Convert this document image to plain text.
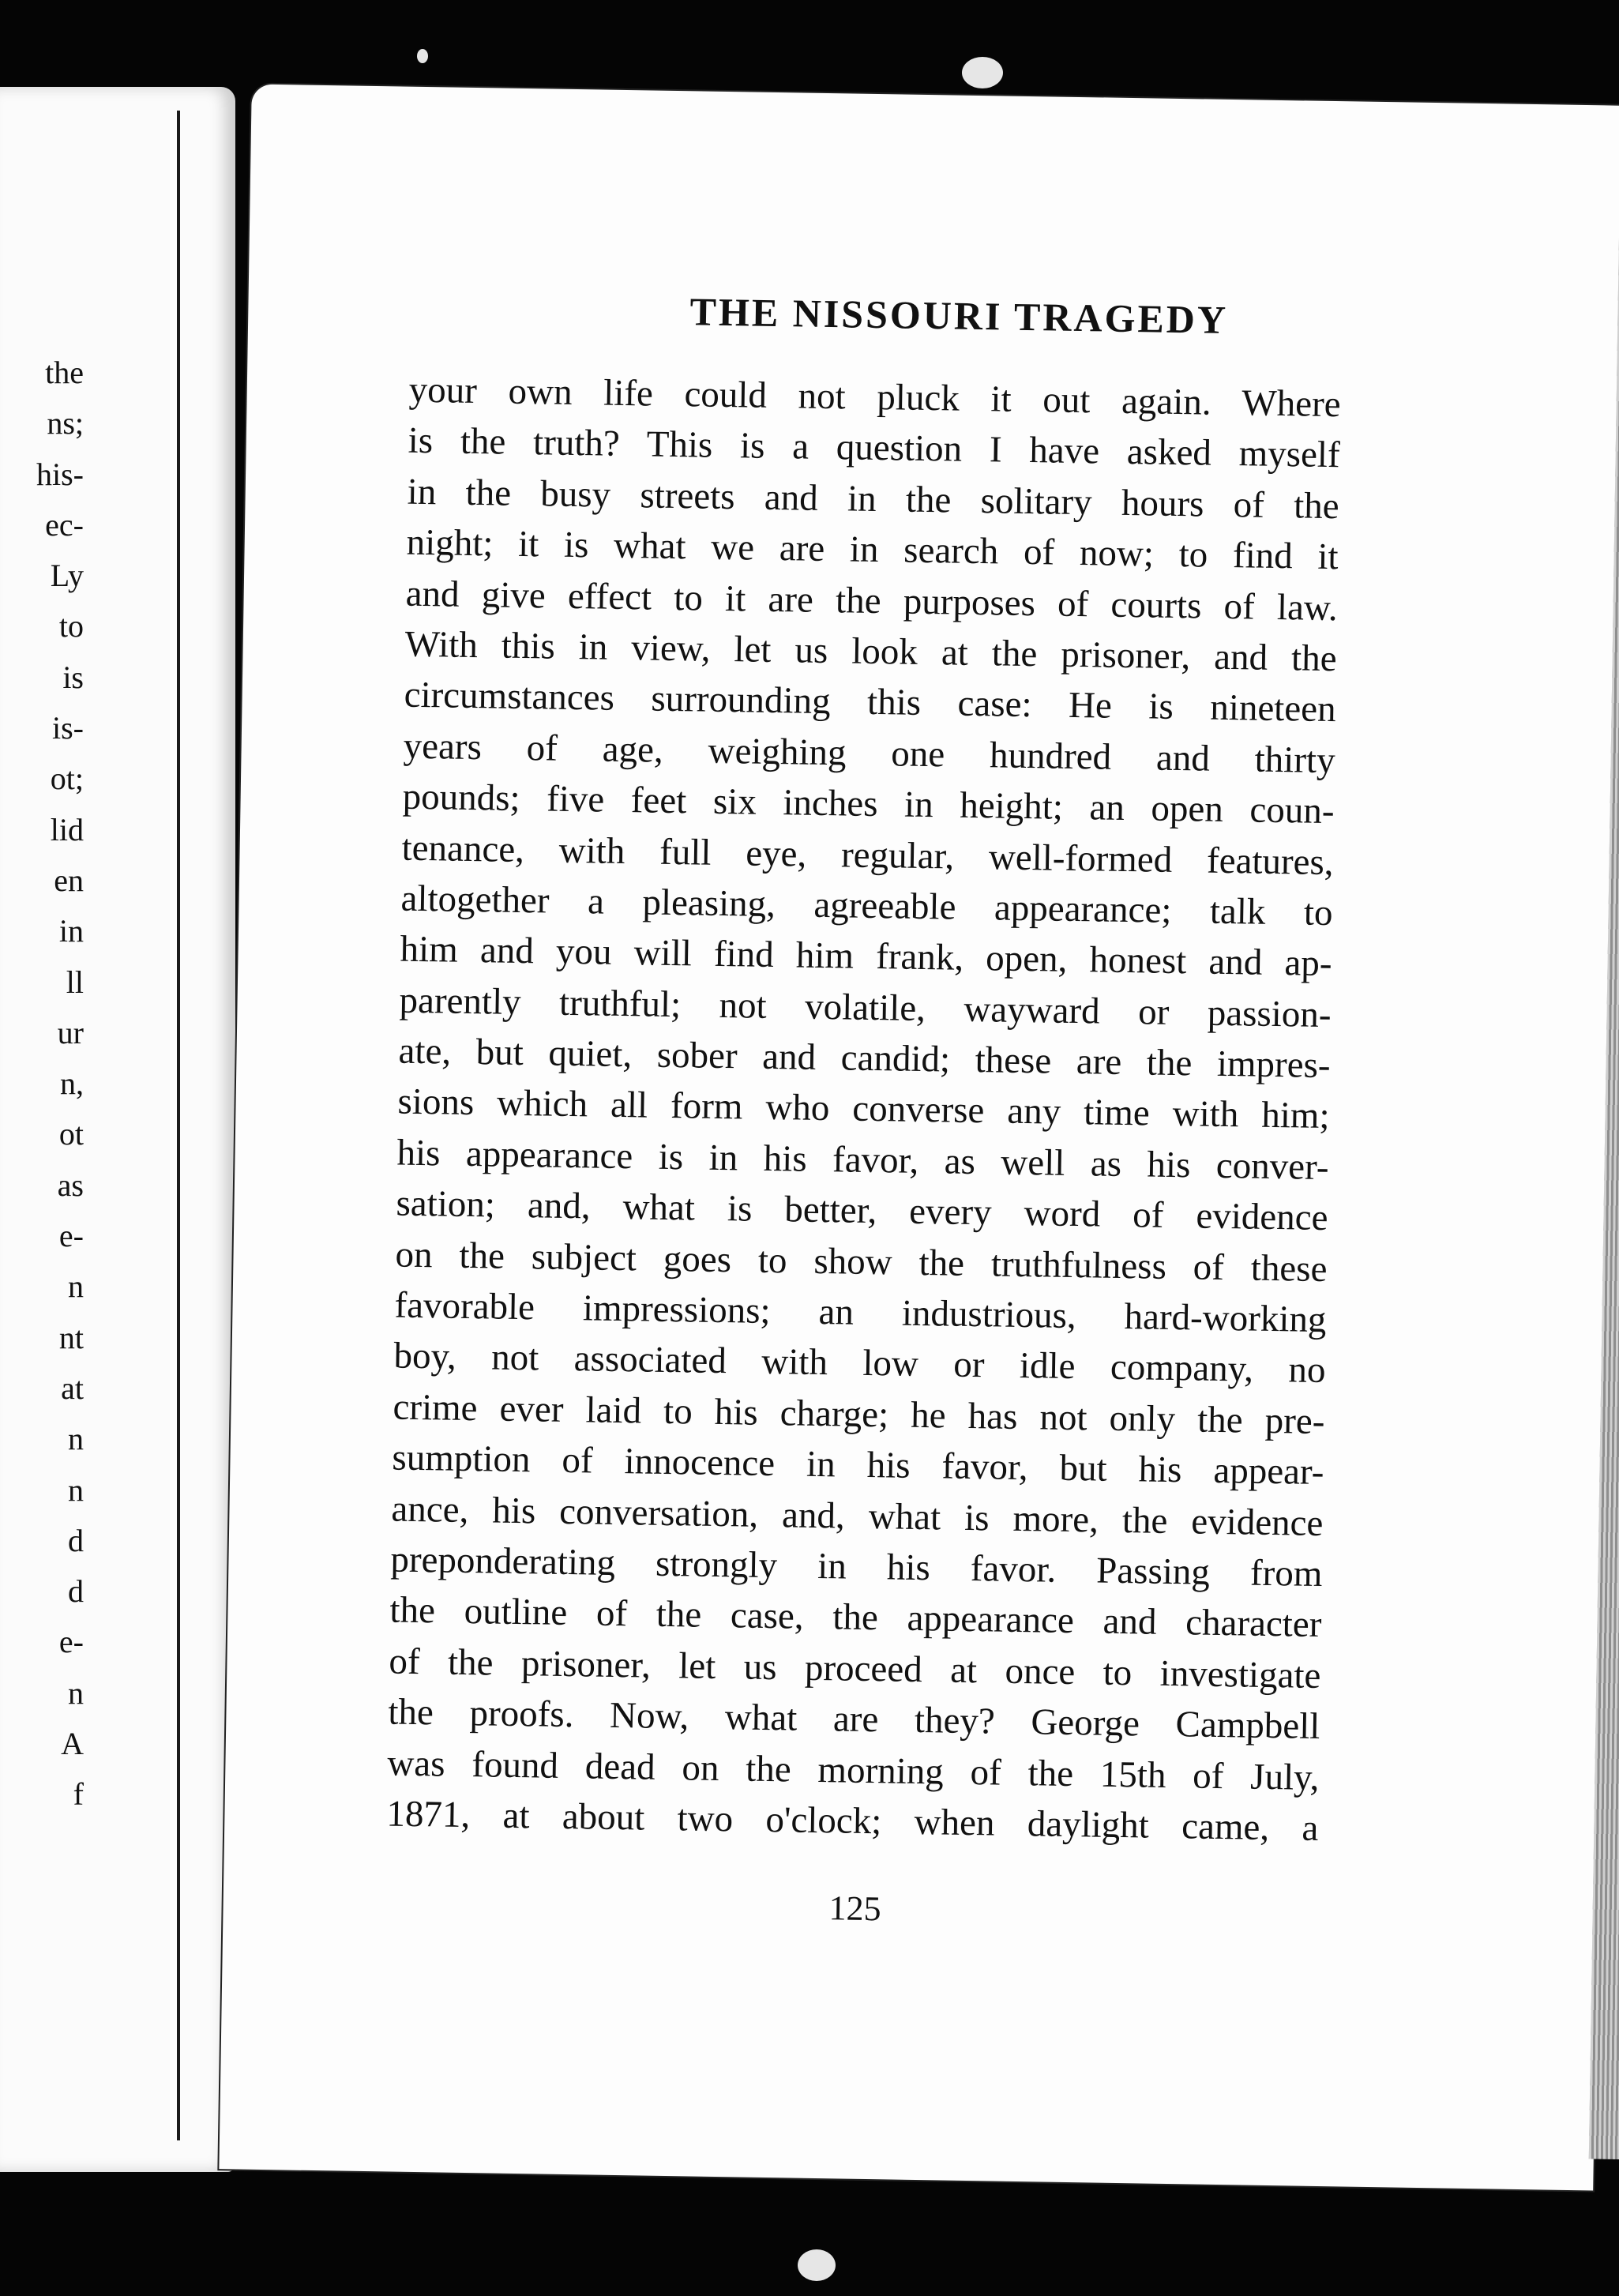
the
ns;
his-
ec-
Ly
to
is
is-
ot;
lid
en
in
ll
ur
n,
ot
as
e-
n
nt
at
n
n
d
d
e-
n
A
f
THE NISSOURI TRAGEDY
your own life could not pluck it out again. Where
is the truth? This is a question I have asked myself
in the busy streets and in the solitary hours of the
night; it is what we are in search of now; to find it
and give effect to it are the purposes of courts of law.
With this in view, let us look at the prisoner, and the
circumstances surrounding this case: He is nineteen
years of age, weighing one hundred and thirty
pounds; five feet six inches in height; an open coun-
tenance, with full eye, regular, well-formed features,
altogether a pleasing, agreeable appearance; talk to
him and you will find him frank, open, honest and ap-
parently truthful; not volatile, wayward or passion-
ate, but quiet, sober and candid; these are the impres-
sions which all form who converse any time with him;
his appearance is in his favor, as well as his conver-
sation; and, what is better, every word of evidence
on the subject goes to show the truthfulness of these
favorable impressions; an industrious, hard-working
boy, not associated with low or idle company, no
crime ever laid to his charge; he has not only the pre-
sumption of innocence in his favor, but his appear-
ance, his conversation, and, what is more, the evidence
preponderating strongly in his favor. Passing from
the outline of the case, the appearance and character
of the prisoner, let us proceed at once to investigate
the proofs. Now, what are they? George Campbell
was found dead on the morning of the 15th of July,
1871, at about two o'clock; when daylight came, a

125
